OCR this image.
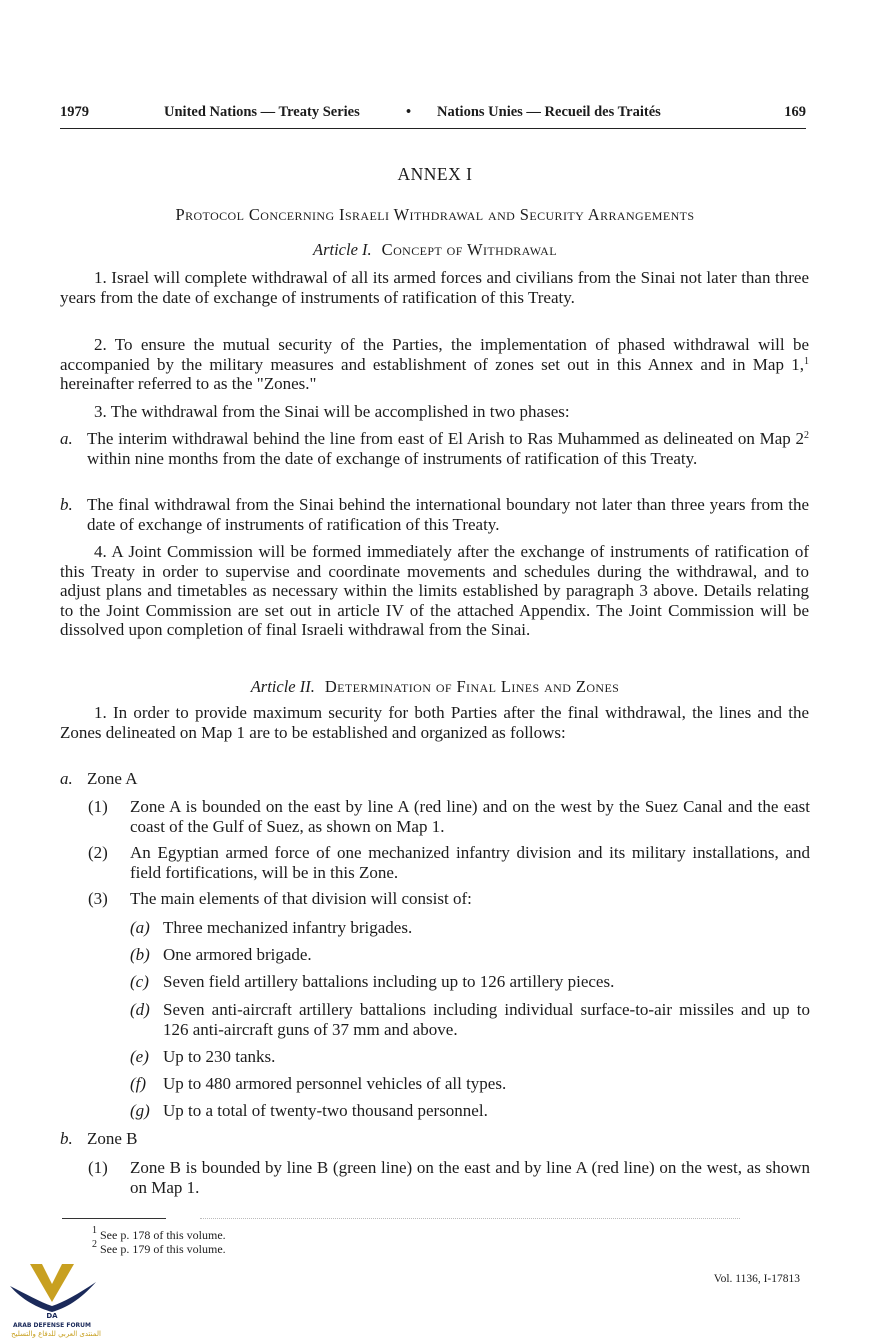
1979	United Nations — Treaty Series	• Nations Unies — Recueil des Traités	169
ANNEX I
Protocol Concerning Israeli Withdrawal and Security Arrangements
Article I. Concept of Withdrawal

1. Israel will complete withdrawal of all its armed forces and civilians from the Sinai not later than three years from the date of exchange of instruments of ratification of this Treaty.

2. To ensure the mutual security of the Parties, the implementation of phased withdrawal will be accompanied by the military measures and establishment of zones set out in this Annex and in Map 1,$^1$ hereinafter referred to as the "Zones."

3. The withdrawal from the Sinai will be accomplished in two phases:

a. The interim withdrawal behind the line from east of El Arish to Ras Muhammed as delineated on Map $2^2$ within nine months from the date of exchange of instruments of ratification of this Treaty.

b. The final withdrawal from the Sinai behind the international boundary not later than three years from the date of exchange of instruments of ratification of this Treaty.

4. A Joint Commission will be formed immediately after the exchange of instruments of ratification of this Treaty in order to supervise and coordinate movements and schedules during the withdrawal, and to adjust plans and timetables as necessary within the limits established by paragraph 3 above. Details relating to the Joint Commission are set out in article IV of the attached Appendix. The Joint Commission will be dissolved upon completion of final Israeli withdrawal from the Sinai.

Article II. Determination of Final Lines and Zones

1. In order to provide maximum security for both Parties after the final withdrawal, the lines and the Zones delineated on Map 1 are to be established and organized as follows:

a. Zone A

(1) Zone A is bounded on the east by line A (red line) and on the west by the Suez Canal and the east coast of the Gulf of Suez, as shown on Map 1.

(2) An Egyptian armed force of one mechanized infantry division and its military installations, and field fortifications, will be in this Zone.

(3) The main elements of that division will consist of:

(a) Three mechanized infantry brigades.

(b) One armored brigade.

(c) Seven field artillery battalions including up to 126 artillery pieces.

(d) Seven anti-aircraft artillery battalions including individual surface-to-air missiles and up to 126 anti-aircraft guns of 37 mm and above.

(e) Up to 230 tanks.

(f) Up to 480 armored personnel vehicles of all types.

(g) Up to a total of twenty-two thousand personnel.

b. Zone B

(1) Zone B is bounded by line B (green line) on the east and by line A (red line) on the west, as shown on Map 1.

$^1$ See p. 178 of this volume.
$^2$ See p. 179 of this volume.
Vol. 1136, I-17813
DA
ARAB DEFENSE FORUM
المنتدى العربي للدفاع والتسليح
